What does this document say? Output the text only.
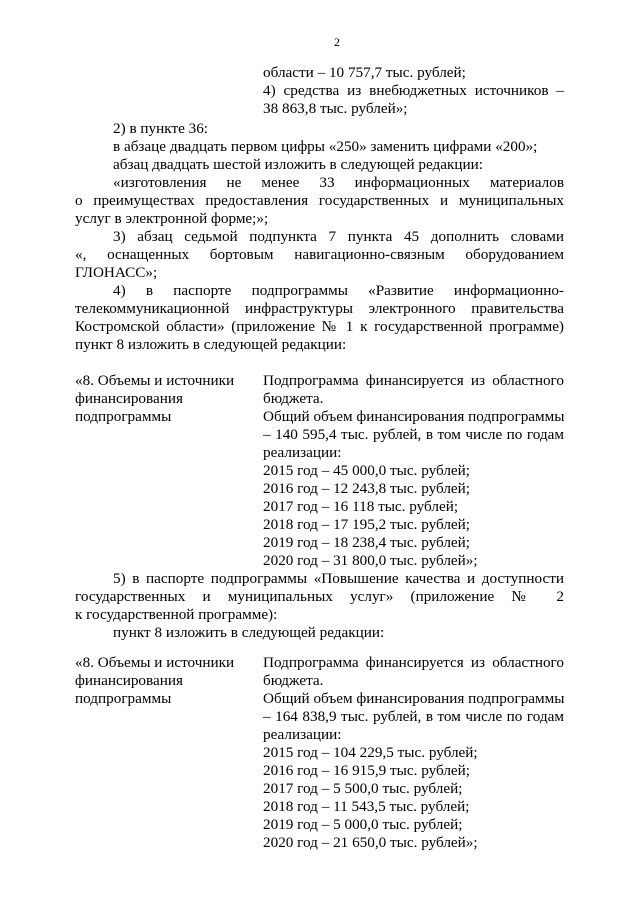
2
области – 10 757,7 тыс. рублей;
4) средства из внебюджетных источников –
38 863,8 тыс. рублей»;
2) в пункте 36:
в абзаце двадцать первом цифры «250» заменить цифрами «200»;
абзац двадцать шестой изложить в следующей редакции:
«изготовления не менее 33 информационных материалов
о преимуществах предоставления государственных и муниципальных
услуг в электронной форме;»;
3) абзац седьмой подпункта 7 пункта 45 дополнить словами
«, оснащенных бортовым навигационно-связным оборудованием
ГЛОНАСС»;
4) в паспорте подпрограммы «Развитие информационно-
телекоммуникационной инфраструктуры электронного правительства
Костромской области» (приложение № 1 к государственной программе)
пункт 8 изложить в следующей редакции:
«8. Объемы и источники
финансирования
подпрограммы
Подпрограмма финансируется из областного
бюджета.
Общий объем финансирования подпрограммы
– 140 595,4 тыс. рублей, в том числе по годам
реализации:
2015 год – 45 000,0 тыс. рублей;
2016 год – 12 243,8 тыс. рублей;
2017 год – 16 118 тыс. рублей;
2018 год – 17 195,2 тыс. рублей;
2019 год – 18 238,4 тыс. рублей;
2020 год – 31 800,0 тыс. рублей»;
5) в паспорте подпрограммы «Повышение качества и доступности
государственных и муниципальных услуг» (приложение № 2
к государственной программе):
пункт 8 изложить в следующей редакции:
«8. Объемы и источники
финансирования
подпрограммы
Подпрограмма финансируется из областного
бюджета.
Общий объем финансирования подпрограммы
– 164 838,9 тыс. рублей, в том числе по годам
реализации:
2015 год – 104 229,5 тыс. рублей;
2016 год – 16 915,9 тыс. рублей;
2017 год – 5 500,0 тыс. рублей;
2018 год – 11 543,5 тыс. рублей;
2019 год – 5 000,0 тыс. рублей;
2020 год – 21 650,0 тыс. рублей»;
